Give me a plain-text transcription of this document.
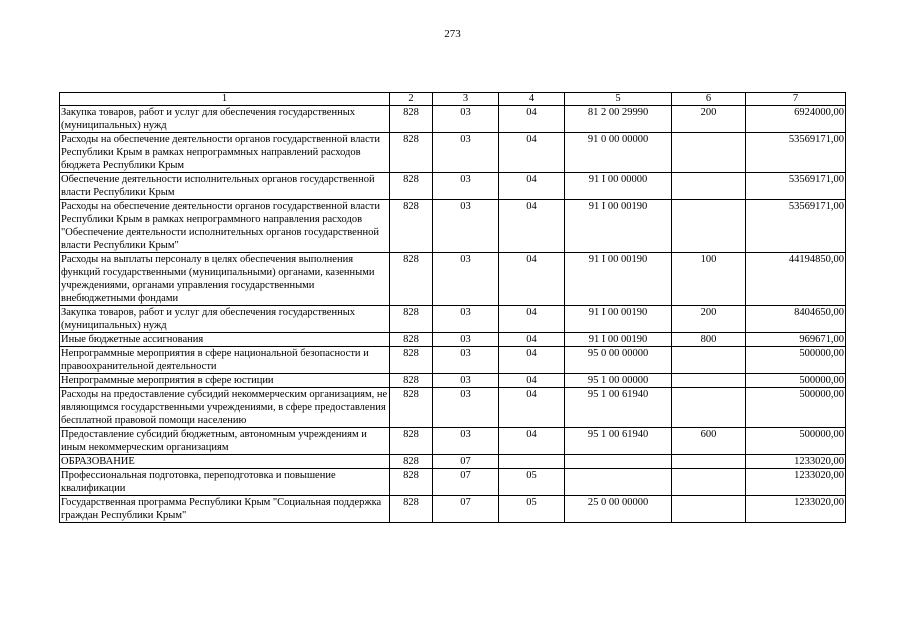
273
1	2	3	4	5	6	7
Закупка товаров, работ и услуг для обеспечения государственных (муниципальных) нужд	828	03	04	81 2 00 29990	200	6924000,00
Расходы на обеспечение деятельности органов государственной власти Республики Крым в рамках непрограммных направлений расходов бюджета Республики Крым	828	03	04	91 0 00 00000		53569171,00
Обеспечение деятельности исполнительных органов государственной власти Республики Крым	828	03	04	91 I 00 00000		53569171,00
Расходы на обеспечение деятельности органов государственной власти Республики Крым в рамках непрограммного направления расходов "Обеспечение деятельности исполнительных органов государственной власти Республики Крым"	828	03	04	91 I 00 00190		53569171,00
Расходы на выплаты персоналу в целях обеспечения выполнения функций государственными (муниципальными) органами, казенными учреждениями, органами управления государственными внебюджетными фондами	828	03	04	91 I 00 00190	100	44194850,00
Закупка товаров, работ и услуг для обеспечения государственных (муниципальных) нужд	828	03	04	91 I 00 00190	200	8404650,00
Иные бюджетные ассигнования	828	03	04	91 I 00 00190	800	969671,00
Непрограммные мероприятия в сфере национальной безопасности и правоохранительной деятельности	828	03	04	95 0 00 00000		500000,00
Непрограммные мероприятия в сфере юстиции	828	03	04	95 1 00 00000		500000,00
Расходы на предоставление субсидий некоммерческим организациям, не являющимся государственными учреждениями, в сфере предоставления бесплатной правовой помощи населению	828	03	04	95 1 00 61940		500000,00
Предоставление субсидий бюджетным, автономным учреждениям и иным некоммерческим организациям	828	03	04	95 1 00 61940	600	500000,00
ОБРАЗОВАНИЕ	828	07				1233020,00
Профессиональная подготовка, переподготовка и повышение квалификации	828	07	05			1233020,00
Государственная программа Республики Крым "Социальная поддержка граждан Республики Крым"	828	07	05	25 0 00 00000		1233020,00
